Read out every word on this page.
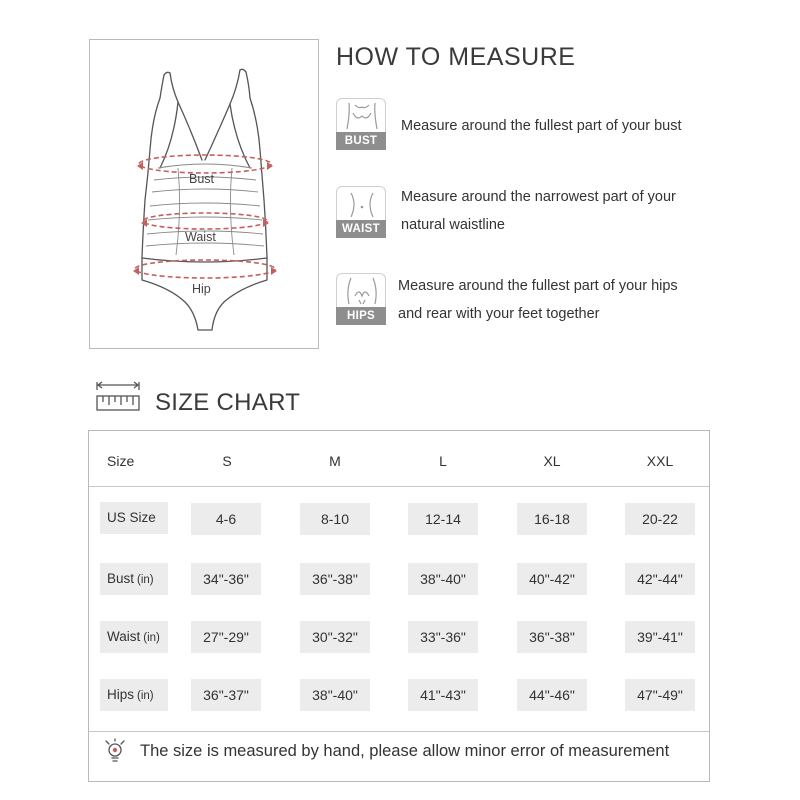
Bust
Waist
Hip
HOW TO MEASURE
BUST
Measure around the fullest part of your bust
WAIST
Measure around the narrowest part of your
natural waistline
HIPS
Measure around the fullest part of your hips
and rear with your feet together
SIZE CHART
Size	S	M	L	XL	XXL
US Size	4-6	8-10	12-14	16-18	20-22
Bust (in)	34"-36"	36"-38"	38"-40"	40"-42"	42"-44"
Waist (in)	27"-29"	30"-32"	33"-36"	36"-38"	39"-41"
Hips (in)	36"-37"	38"-40"	41"-43"	44"-46"	47"-49"
The size is measured by hand, please allow minor error of measurement
